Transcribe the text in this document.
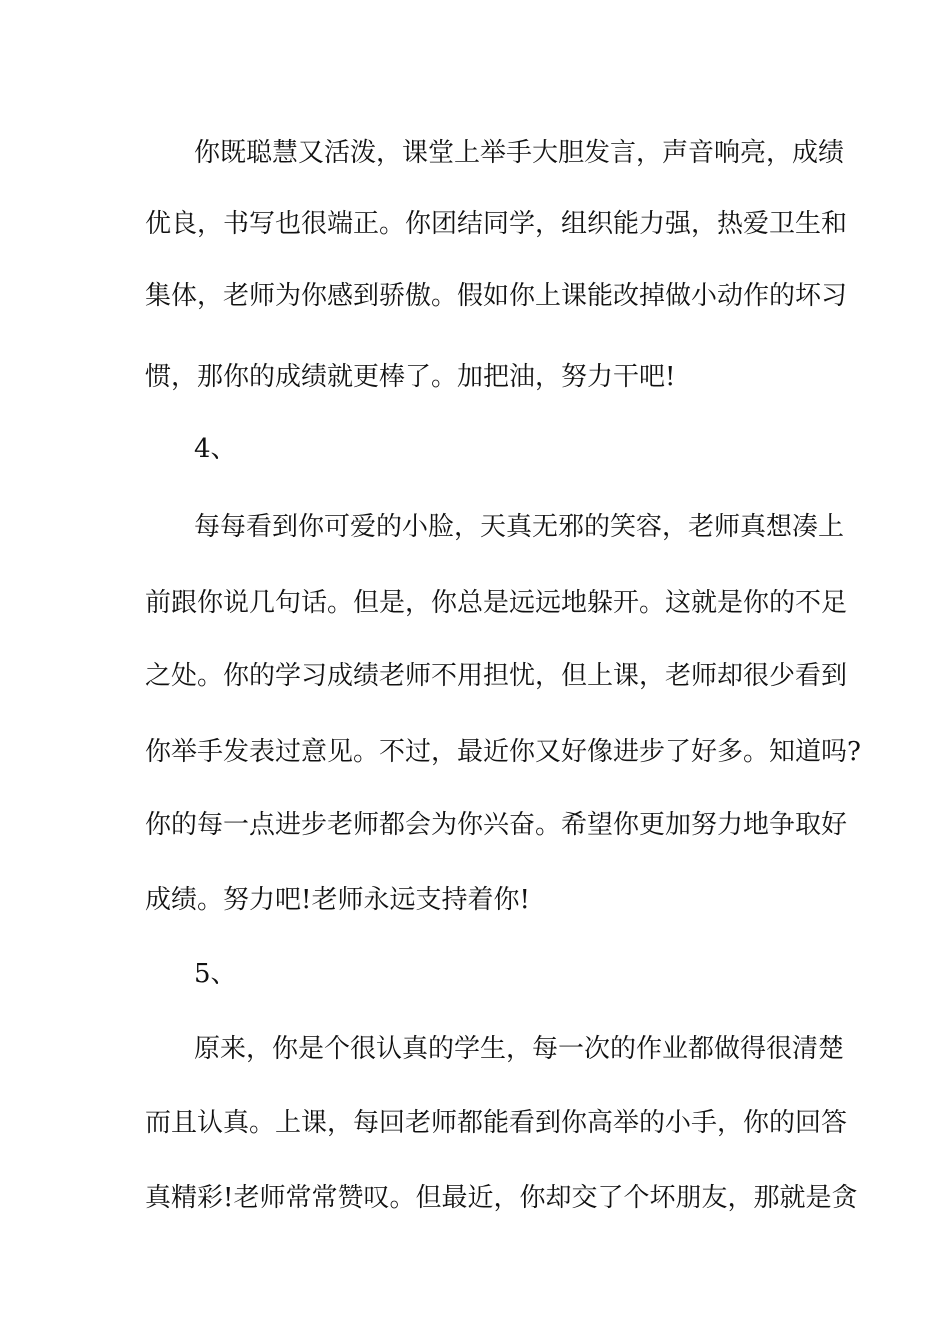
你既聪慧又活泼，课堂上举手大胆发言，声音响亮，成绩
优良，书写也很端正。你团结同学，组织能力强，热爱卫生和
集体，老师为你感到骄傲。假如你上课能改掉做小动作的坏习
惯，那你的成绩就更棒了。加把油，努力干吧!
4、
每每看到你可爱的小脸，天真无邪的笑容，老师真想凑上
前跟你说几句话。但是，你总是远远地躲开。这就是你的不足
之处。你的学习成绩老师不用担忧，但上课，老师却很少看到
你举手发表过意见。不过，最近你又好像进步了好多。知道吗?
你的每一点进步老师都会为你兴奋。希望你更加努力地争取好
成绩。努力吧!老师永远支持着你!
5、
原来，你是个很认真的学生，每一次的作业都做得很清楚
而且认真。上课，每回老师都能看到你高举的小手，你的回答
真精彩!老师常常赞叹。但最近，你却交了个坏朋友，那就是贪
